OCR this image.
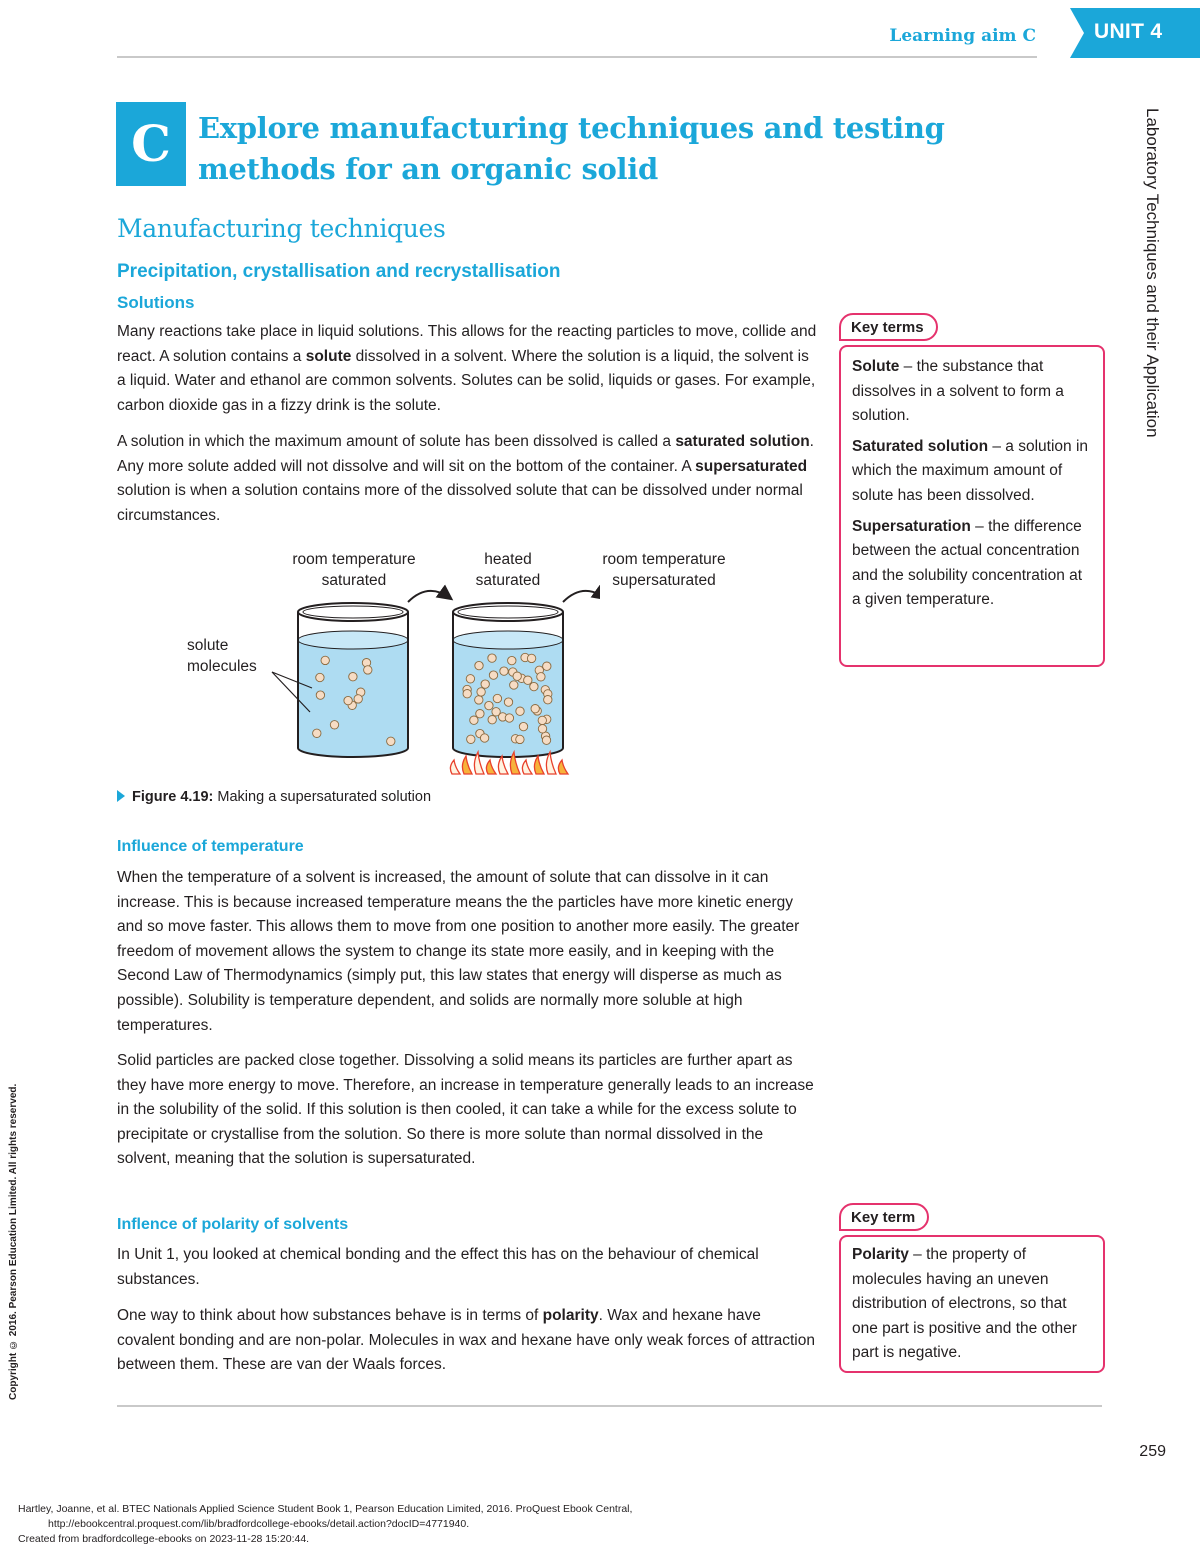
Learning aim C	UNIT 4
Laboratory Techniques and their Application
C Explore manufacturing techniques and testing
methods for an organic solid
Manufacturing techniques
Precipitation, crystallisation and recrystallisation
Solutions

Many reactions take place in liquid solutions. This allows for the reacting particles to move, collide and react. A solution contains a solute dissolved in a solvent. Where the solution is a liquid, the solvent is a liquid. Water and ethanol are common solvents. Solutes can be solid, liquids or gases. For example, carbon dioxide gas in a fizzy drink is the solute.

A solution in which the maximum amount of solute has been dissolved is called a saturated solution. Any more solute added will not dissolve and will sit on the bottom of the container. A supersaturated solution is when a solution contains more of the dissolved solute that can be dissolved under normal circumstances.

room temperature
saturated
heated
saturated
room temperature
supersaturated
solute
molecules
Figure 4.19: Making a supersaturated solution
Influence of temperature

When the temperature of a solvent is increased, the amount of solute that can dissolve in it can increase. This is because increased temperature means the the particles have more kinetic energy and so move faster. This allows them to move from one position to another more easily. The greater freedom of movement allows the system to change its state more easily, and in keeping with the Second Law of Thermodynamics (simply put, this law states that energy will disperse as much as possible). Solubility is temperature dependent, and solids are normally more soluble at high temperatures.

Solid particles are packed close together. Dissolving a solid means its particles are further apart as they have more energy to move. Therefore, an increase in temperature generally leads to an increase in the solubility of the solid. If this solution is then cooled, it can take a while for the excess solute to precipitate or crystallise from the solution. So there is more solute than normal dissolved in the solvent, meaning that the solution is supersaturated.

Inflence of polarity of solvents

In Unit 1, you looked at chemical bonding and the effect this has on the behaviour of chemical substances.

One way to think about how substances behave is in terms of polarity. Wax and hexane have covalent bonding and are non-polar. Molecules in wax and hexane have only weak forces of attraction between them. These are van der Waals forces.

Solute – the substance that dissolves in a solvent to form a solution.

Saturated solution – a solution in which the maximum amount of solute has been dissolved.

Supersaturation – the difference between the actual concentration and the solubility concentration at a given temperature.

Key terms

Polarity – the property of molecules having an uneven distribution of electrons, so that one part is positive and the other part is negative.

Key term
259
Copyright © 2016. Pearson Education Limited. All rights reserved.
Hartley, Joanne, et al. BTEC Nationals Applied Science Student Book 1, Pearson Education Limited, 2016. ProQuest Ebook Central,
http://ebookcentral.proquest.com/lib/bradfordcollege-ebooks/detail.action?docID=4771940.
Created from bradfordcollege-ebooks on 2023-11-28 15:20:44.
